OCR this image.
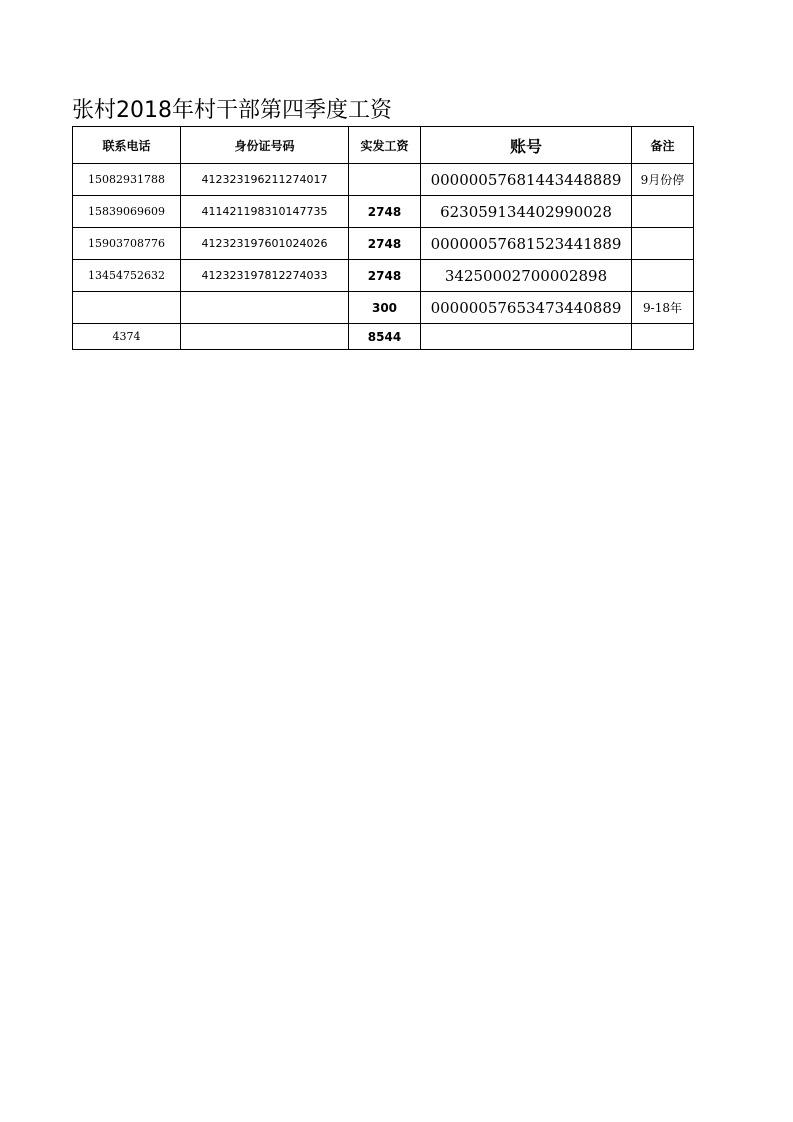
张村2018年村干部第四季度工资
联系电话	身份证号码	实发工资	账号	备注
15082931788	412323196211274017		00000057681443448889	9月份停
15839069609	411421198310147735	2748	623059134402990028	
15903708776	412323197601024026	2748	00000057681523441889	
13454752632	412323197812274033	2748	34250002700002898	
		300	00000057653473440889	9-18年
4374		8544		
